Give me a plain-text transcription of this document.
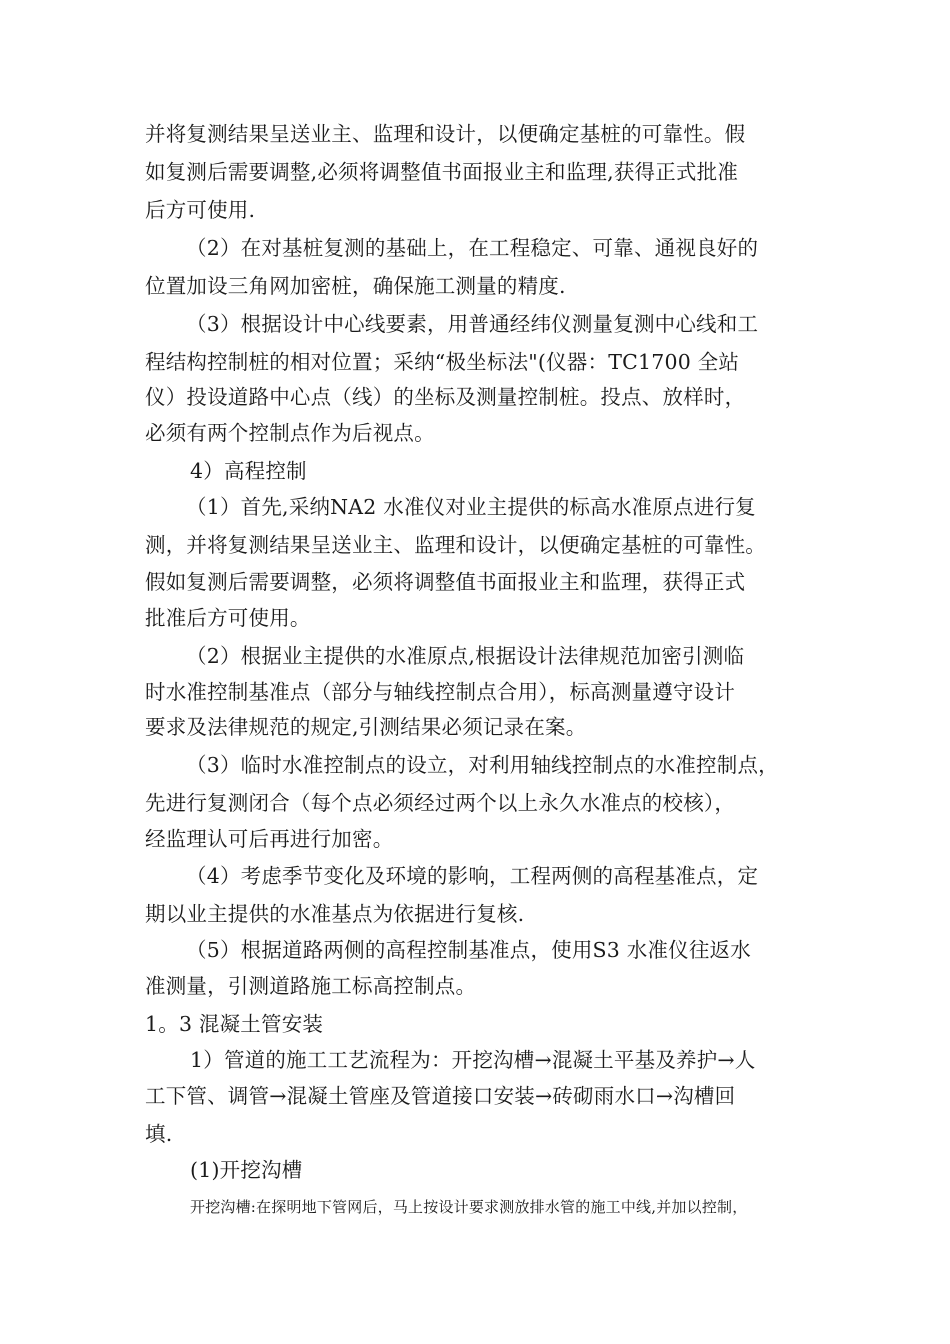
并将复测结果呈送业主、监理和设计，以便确定基桩的可靠性。假
如复测后需要调整,必须将调整值书面报业主和监理,获得正式批准
后方可使用.
（2）在对基桩复测的基础上，在工程稳定、可靠、通视良好的
位置加设三角网加密桩，确保施工测量的精度.
（3）根据设计中心线要素，用普通经纬仪测量复测中心线和工
程结构控制桩的相对位置；采纳“极坐标法"(仪器：TC1700 全站
仪）投设道路中心点（线）的坐标及测量控制桩。投点、放样时，
必须有两个控制点作为后视点。
4）高程控制
（1）首先,采纳NA2 水准仪对业主提供的标高水准原点进行复
测，并将复测结果呈送业主、监理和设计，以便确定基桩的可靠性。
假如复测后需要调整，必须将调整值书面报业主和监理，获得正式
批准后方可使用。
（2）根据业主提供的水准原点,根据设计法律规范加密引测临
时水准控制基准点（部分与轴线控制点合用），标高测量遵守设计
要求及法律规范的规定,引测结果必须记录在案。
（3）临时水准控制点的设立，对利用轴线控制点的水准控制点，
先进行复测闭合（每个点必须经过两个以上永久水准点的校核），
经监理认可后再进行加密。
（4）考虑季节变化及环境的影响，工程两侧的高程基准点，定
期以业主提供的水准基点为依据进行复核.
（5）根据道路两侧的高程控制基准点，使用S3 水准仪往返水
准测量，引测道路施工标高控制点。
1。3 混凝土管安装
1）管道的施工工艺流程为：开挖沟槽→混凝土平基及养护→人
工下管、调管→混凝土管座及管道接口安装→砖砌雨水口→沟槽回
填.
(1)开挖沟槽
开挖沟槽:在探明地下管网后，马上按设计要求测放排水管的施工中线,并加以控制，
